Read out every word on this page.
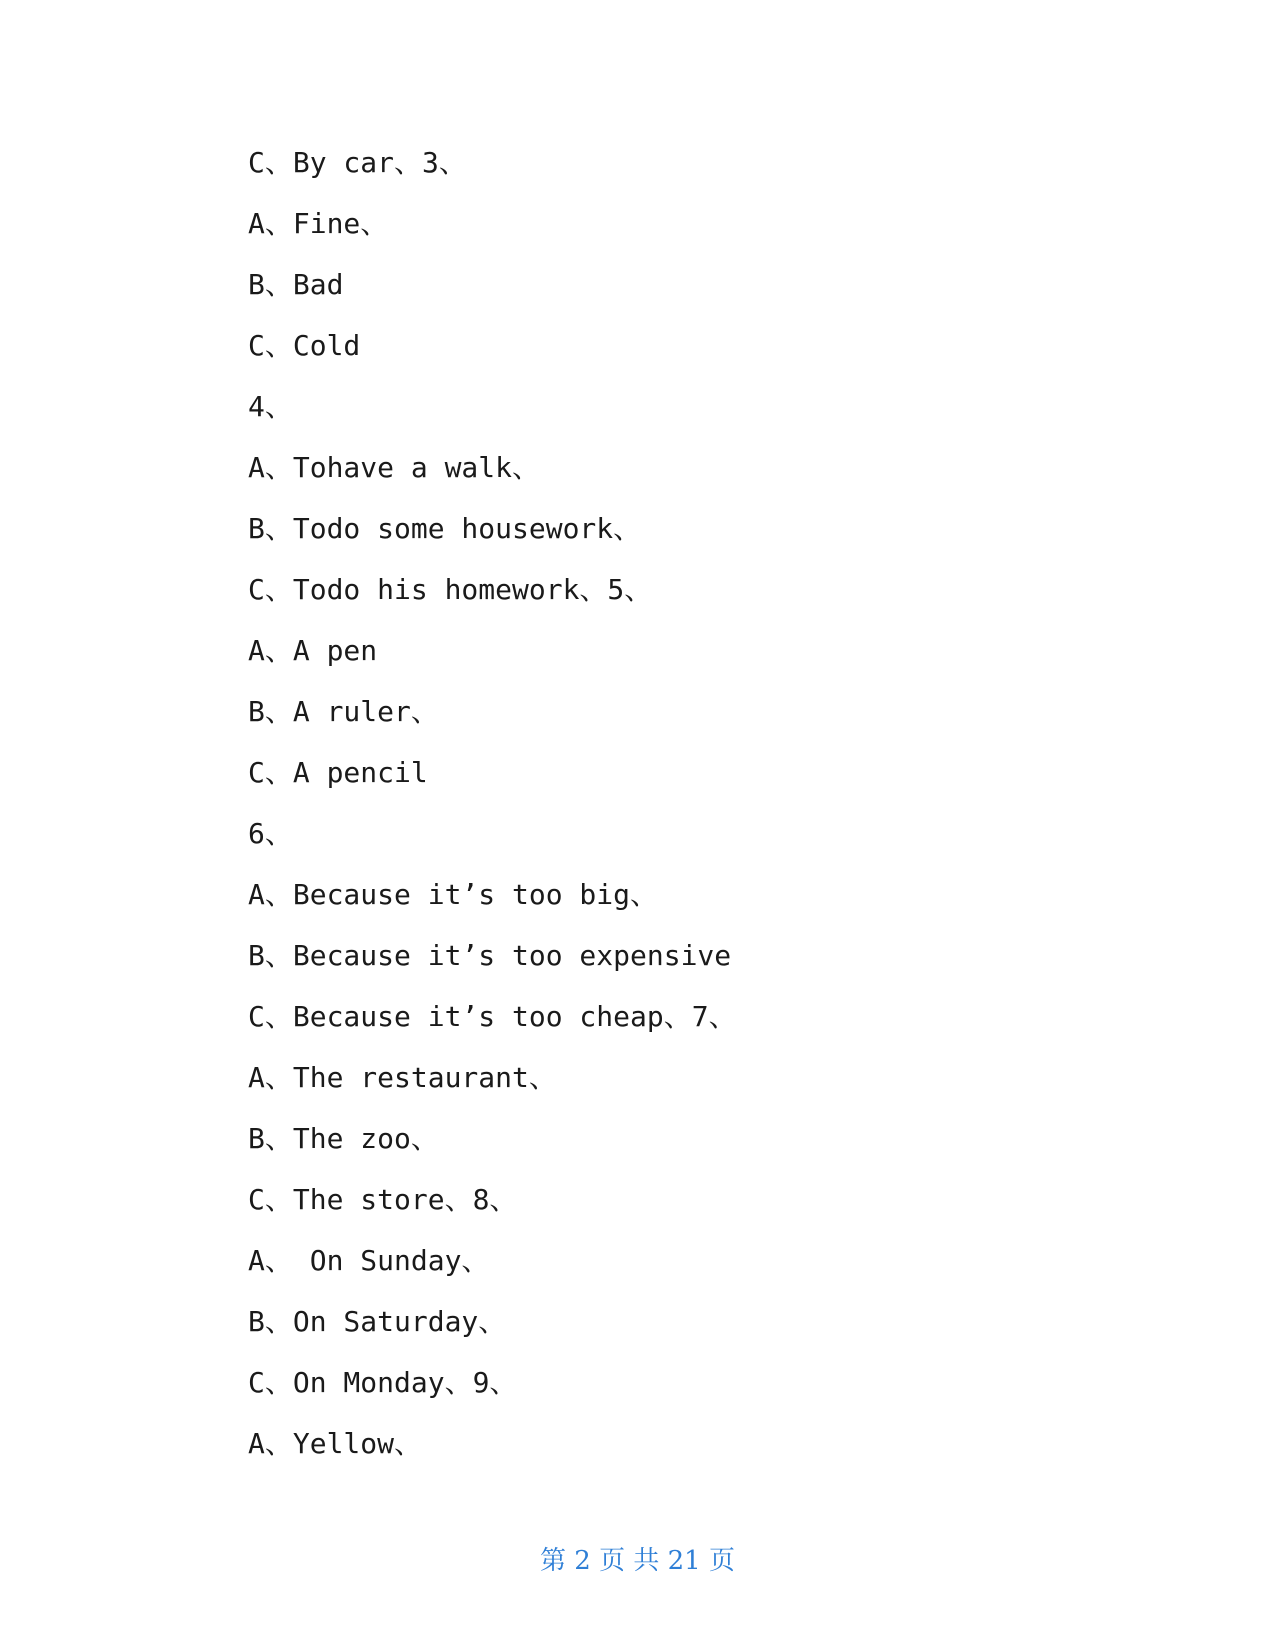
C、By car、3、
A、Fine、
B、Bad
C、Cold
4、
A、Tohave a walk、
B、Todo some housework、
C、Todo his homework、5、
A、A pen
B、A ruler、
C、A pencil
6、
A、Because it’s too big、
B、Because it’s too expensive
C、Because it’s too cheap、7、
A、The restaurant、
B、The zoo、
C、The store、8、
A、 On Sunday、
B、On Saturday、
C、On Monday、9、
A、Yellow、
第 2 页 共 21 页
